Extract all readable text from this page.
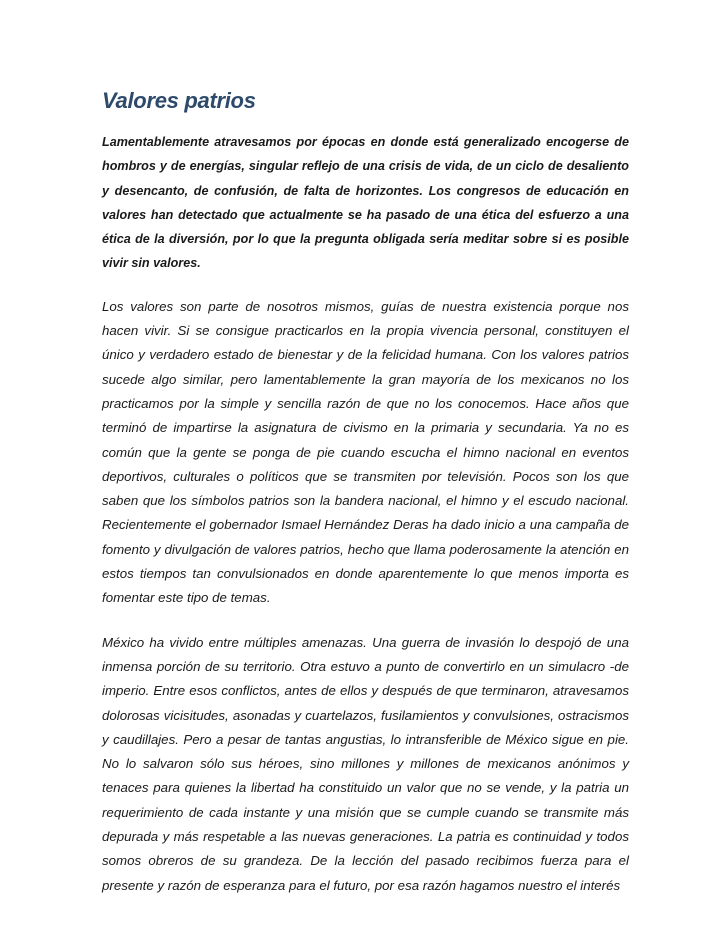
Valores patrios

Lamentablemente atravesamos por épocas en donde está generalizado encogerse de hombros y de energías, singular reflejo de una crisis de vida, de un ciclo de desaliento y desencanto, de confusión, de falta de horizontes. Los congresos de educación en valores han detectado que actualmente se ha pasado de una ética del esfuerzo a una ética de la diversión, por lo que la pregunta obligada sería meditar sobre si es posible vivir sin valores.

Los valores son parte de nosotros mismos, guías de nuestra existencia porque nos hacen vivir. Si se consigue practicarlos en la propia vivencia personal, constituyen el único y verdadero estado de bienestar y de la felicidad humana. Con los valores patrios sucede algo similar, pero lamentablemente la gran mayoría de los mexicanos no los practicamos por la simple y sencilla razón de que no los conocemos. Hace años que terminó de impartirse la asignatura de civismo en la primaria y secundaria. Ya no es común que la gente se ponga de pie cuando escucha el himno nacional en eventos deportivos, culturales o políticos que se transmiten por televisión. Pocos son los que saben que los símbolos patrios son la bandera nacional, el himno y el escudo nacional. Recientemente el gobernador Ismael Hernández Deras ha dado inicio a una campaña de fomento y divulgación de valores patrios, hecho que llama poderosamente la atención en estos tiempos tan convulsionados en donde aparentemente lo que menos importa es fomentar este tipo de temas.

México ha vivido entre múltiples amenazas. Una guerra de invasión lo despojó de una inmensa porción de su territorio. Otra estuvo a punto de convertirlo en un simulacro -de imperio. Entre esos conflictos, antes de ellos y después de que terminaron, atravesamos dolorosas vicisitudes, asonadas y cuartelazos, fusilamientos y convulsiones, ostracismos y caudillajes. Pero a pesar de tantas angustias, lo intransferible de México sigue en pie. No lo salvaron sólo sus héroes, sino millones y millones de mexicanos anónimos y tenaces para quienes la libertad ha constituido un valor que no se vende, y la patria un requerimiento de cada instante y una misión que se cumple cuando se transmite más depurada y más respetable a las nuevas generaciones. La patria es continuidad y todos somos obreros de su grandeza. De la lección del pasado recibimos fuerza para el presente y razón de esperanza para el futuro, por esa razón hagamos nuestro el interés
